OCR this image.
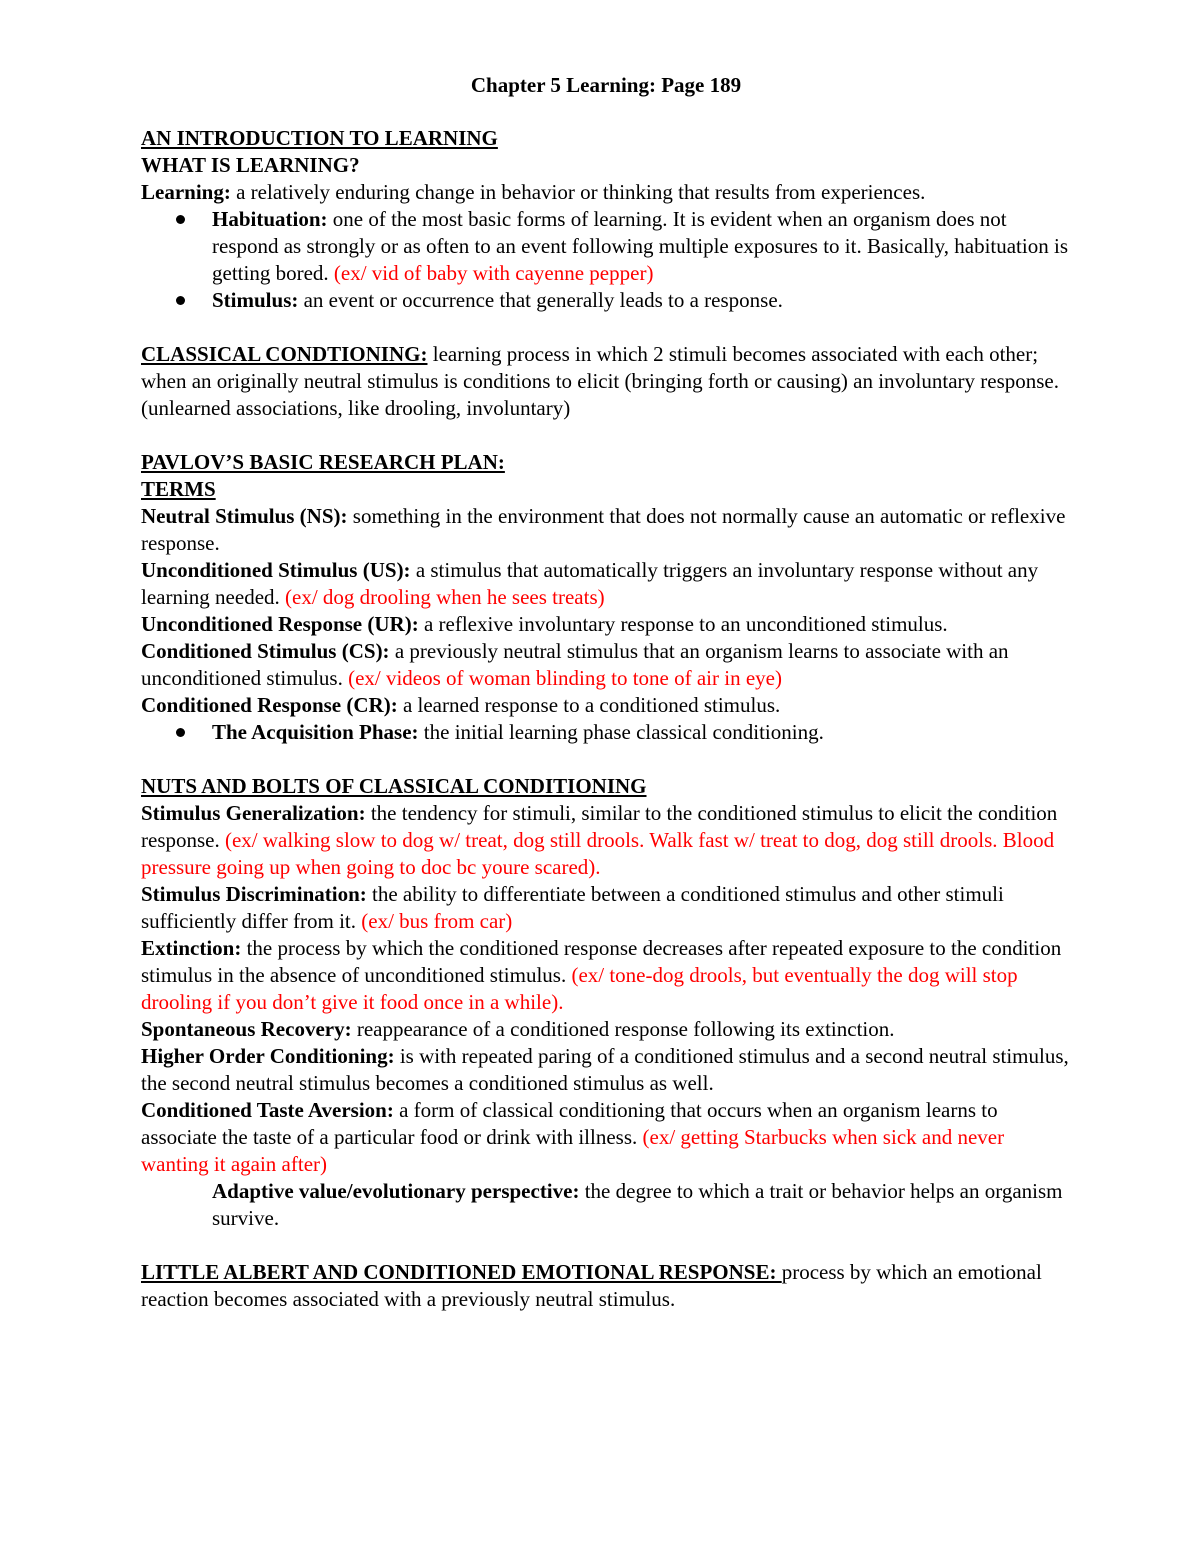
Chapter 5 Learning: Page 189
AN INTRODUCTION TO LEARNING
WHAT IS LEARNING?
Learning: a relatively enduring change in behavior or thinking that results from experiences.
Habituation: one of the most basic forms of learning. It is evident when an organism does not respond as strongly or as often to an event following multiple exposures to it. Basically, habituation is getting bored. (ex/ vid of baby with cayenne pepper)
Stimulus: an event or occurrence that generally leads to a response.
CLASSICAL CONDTIONING: learning process in which 2 stimuli becomes associated with each other; when an originally neutral stimulus is conditions to elicit (bringing forth or causing) an involuntary response. (unlearned associations, like drooling, involuntary)
PAVLOV’S BASIC RESEARCH PLAN:
TERMS
Neutral Stimulus (NS): something in the environment that does not normally cause an automatic or reflexive response.
Unconditioned Stimulus (US): a stimulus that automatically triggers an involuntary response without any learning needed. (ex/ dog drooling when he sees treats)
Unconditioned Response (UR): a reflexive involuntary response to an unconditioned stimulus.
Conditioned Stimulus (CS): a previously neutral stimulus that an organism learns to associate with an unconditioned stimulus. (ex/ videos of woman blinding to tone of air in eye)
Conditioned Response (CR): a learned response to a conditioned stimulus.
The Acquisition Phase: the initial learning phase classical conditioning.
NUTS AND BOLTS OF CLASSICAL CONDITIONING
Stimulus Generalization: the tendency for stimuli, similar to the conditioned stimulus to elicit the condition response. (ex/ walking slow to dog w/ treat, dog still drools. Walk fast w/ treat to dog, dog still drools. Blood pressure going up when going to doc bc youre scared).
Stimulus Discrimination: the ability to differentiate between a conditioned stimulus and other stimuli sufficiently differ from it. (ex/ bus from car)
Extinction: the process by which the conditioned response decreases after repeated exposure to the condition stimulus in the absence of unconditioned stimulus. (ex/ tone-dog drools, but eventually the dog will stop drooling if you don’t give it food once in a while).
Spontaneous Recovery: reappearance of a conditioned response following its extinction.
Higher Order Conditioning: is with repeated paring of a conditioned stimulus and a second neutral stimulus, the second neutral stimulus becomes a conditioned stimulus as well.
Conditioned Taste Aversion: a form of classical conditioning that occurs when an organism learns to associate the taste of a particular food or drink with illness. (ex/ getting Starbucks when sick and never wanting it again after)
Adaptive value/evolutionary perspective: the degree to which a trait or behavior helps an organism survive.
LITTLE ALBERT AND CONDITIONED EMOTIONAL RESPONSE: process by which an emotional reaction becomes associated with a previously neutral stimulus.
